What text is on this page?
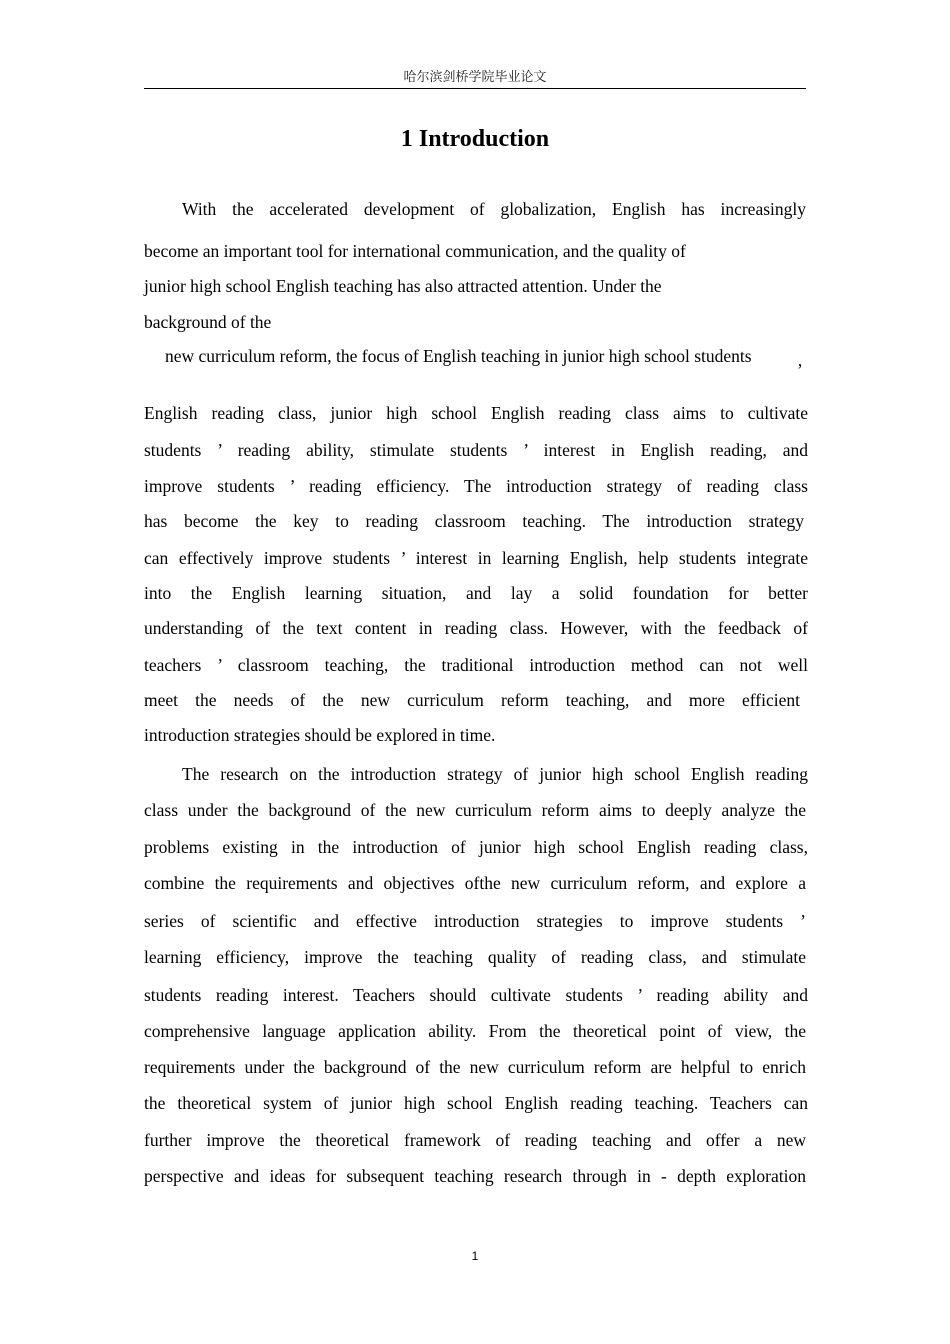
哈尔滨剑桥学院毕业论文
1 Introduction
With the accelerated development of globalization, English has increasingly
become an important tool for international communication, and the quality of
junior high school English teaching has also attracted attention. Under the
background of the
new curriculum reform, the focus of English teaching in junior high school students
’
English reading class, junior high school English reading class aims to cultivate
students ’ reading ability, stimulate students ’ interest in English reading, and
improve students ’ reading efficiency. The introduction strategy of reading class
has become the key to reading classroom teaching. The introduction strategy
can effectively improve students ’ interest in learning English, help students integrate
into the English learning situation, and lay a solid foundation for better
understanding of the text content in reading class. However, with the feedback of
teachers ’ classroom teaching, the traditional introduction method can not well
meet the needs of the new curriculum reform teaching, and more efficient
introduction strategies should be explored in time.
The research on the introduction strategy of junior high school English reading
class under the background of the new curriculum reform aims to deeply analyze the
problems existing in the introduction of junior high school English reading class,
combine the requirements and objectives ofthe new curriculum reform, and explore a
series of scientific and effective introduction strategies to improve students ’
learning efficiency, improve the teaching quality of reading class, and stimulate
students reading interest. Teachers should cultivate students ’ reading ability and
comprehensive language application ability. From the theoretical point of view, the
requirements under the background of the new curriculum reform are helpful to enrich
the theoretical system of junior high school English reading teaching. Teachers can
further improve the theoretical framework of reading teaching and offer a new
perspective and ideas for subsequent teaching research through in - depth exploration
1
